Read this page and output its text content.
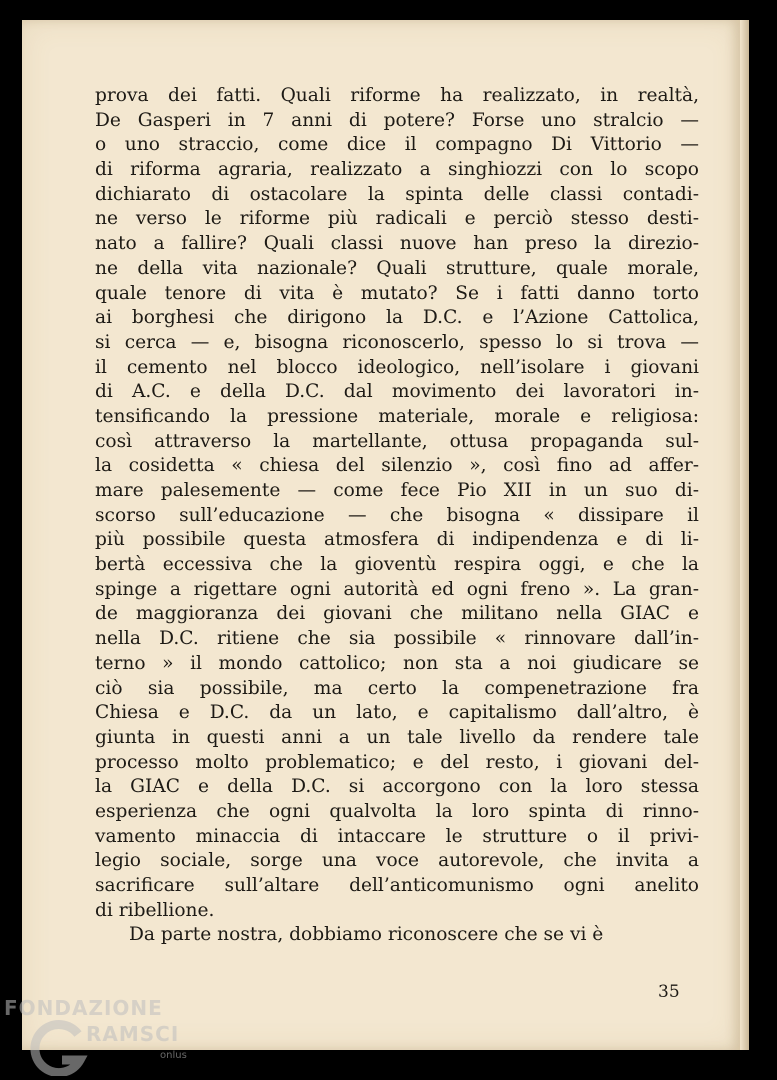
prova dei fatti. Quali riforme ha realizzato, in realtà,
De Gasperi in 7 anni di potere? Forse uno stralcio —
o uno straccio, come dice il compagno Di Vittorio —
di riforma agraria, realizzato a singhiozzi con lo scopo
dichiarato di ostacolare la spinta delle classi contadi-
ne verso le riforme più radicali e perciò stesso desti-
nato a fallire? Quali classi nuove han preso la direzio-
ne della vita nazionale? Quali strutture, quale morale,
quale tenore di vita è mutato? Se i fatti danno torto
ai borghesi che dirigono la D.C. e l’Azione Cattolica,
si cerca — e, bisogna riconoscerlo, spesso lo si trova —
il cemento nel blocco ideologico, nell’isolare i giovani
di A.C. e della D.C. dal movimento dei lavoratori in-
tensificando la pressione materiale, morale e religiosa:
così attraverso la martellante, ottusa propaganda sul-
la cosidetta « chiesa del silenzio », così fino ad affer-
mare palesemente — come fece Pio XII in un suo di-
scorso sull’educazione — che bisogna « dissipare il
più possibile questa atmosfera di indipendenza e di li-
bertà eccessiva che la gioventù respira oggi, e che la
spinge a rigettare ogni autorità ed ogni freno ». La gran-
de maggioranza dei giovani che militano nella GIAC e
nella D.C. ritiene che sia possibile « rinnovare dall’in-
terno » il mondo cattolico; non sta a noi giudicare se
ciò sia possibile, ma certo la compenetrazione fra
Chiesa e D.C. da un lato, e capitalismo dall’altro, è
giunta in questi anni a un tale livello da rendere tale
processo molto problematico; e del resto, i giovani del-
la GIAC e della D.C. si accorgono con la loro stessa
esperienza che ogni qualvolta la loro spinta di rinno-
vamento minaccia di intaccare le strutture o il privi-
legio sociale, sorge una voce autorevole, che invita a
sacrificare sull’altare dell’anticomunismo ogni anelito
di ribellione.
Da parte nostra, dobbiamo riconoscere che se vi è
35
FONDAZIONE
RAMSCI
onlus
